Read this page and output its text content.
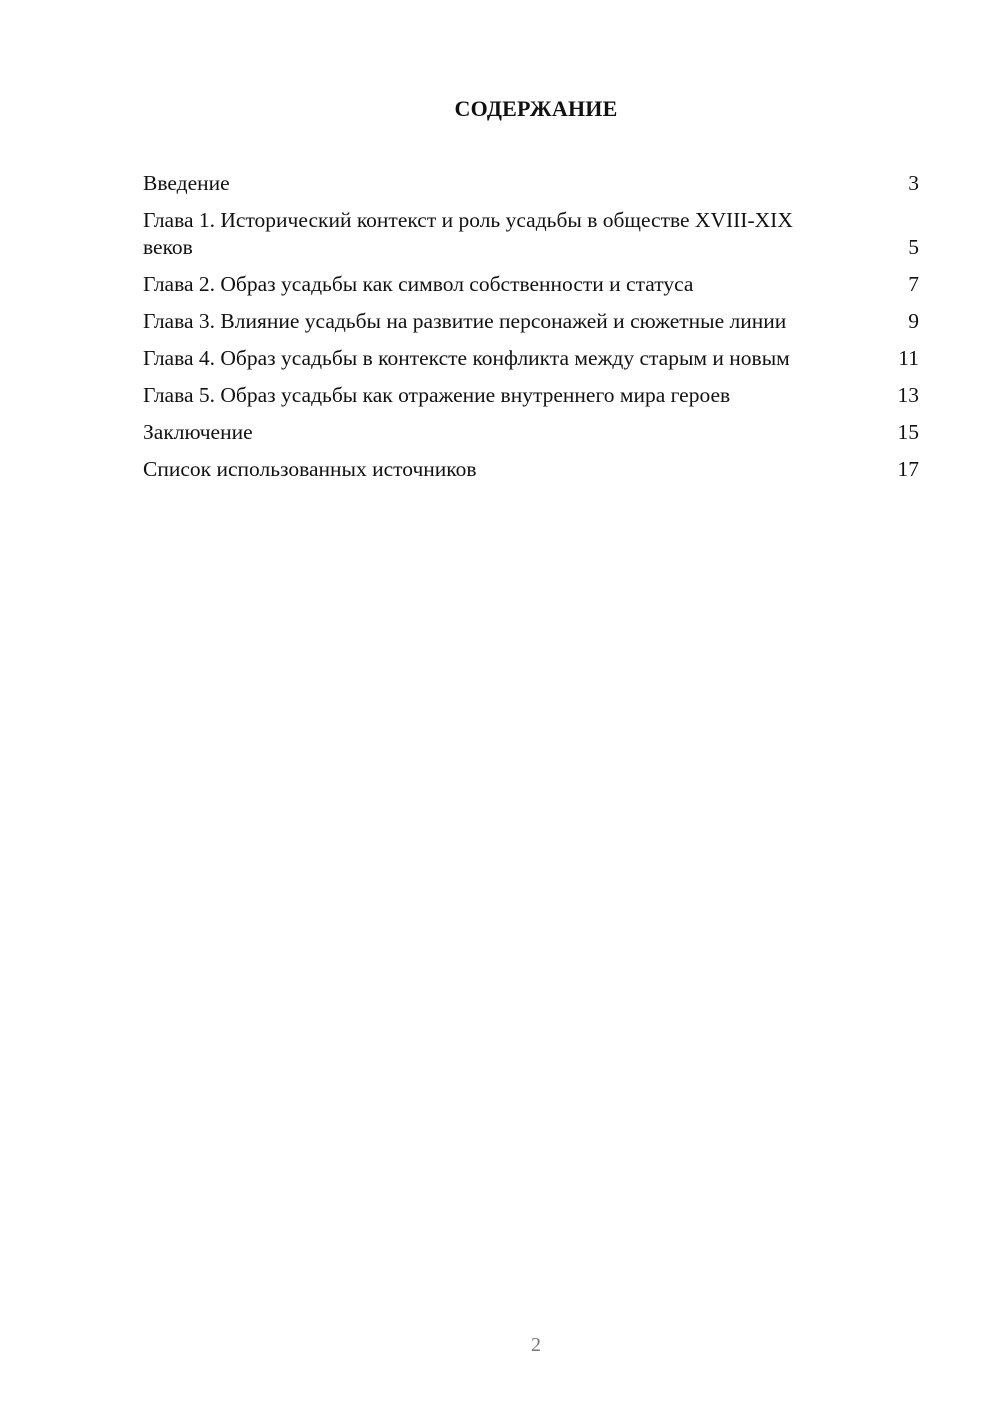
СОДЕРЖАНИЕ
Введение	3
Глава 1. Исторический контекст и роль усадьбы в обществе XVIII-XIX веков	5
Глава 2. Образ усадьбы как символ собственности и статуса	7
Глава 3. Влияние усадьбы на развитие персонажей и сюжетные линии	9
Глава 4. Образ усадьбы в контексте конфликта между старым и новым	11
Глава 5. Образ усадьбы как отражение внутреннего мира героев	13
Заключение	15
Список использованных источников	17
2
